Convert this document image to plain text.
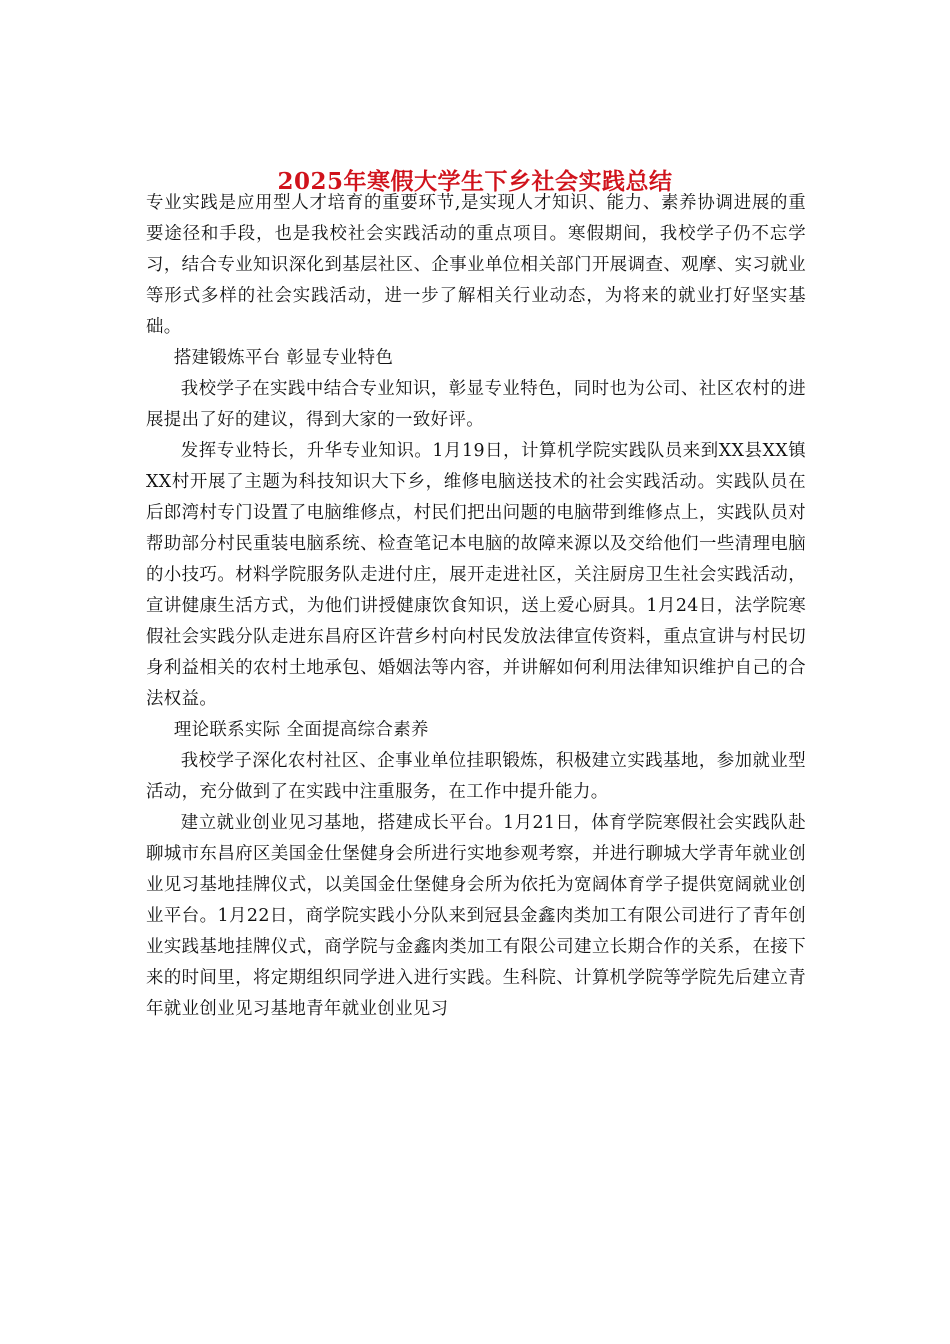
2025年寒假大学生下乡社会实践总结

专业实践是应用型人才培育的重要环节,是实现人才知识、能力、素养协调进展的重要途径和手段，也是我校社会实践活动的重点项目。寒假期间，我校学子仍不忘学习，结合专业知识深化到基层社区、企事业单位相关部门开展调查、观摩、实习就业等形式多样的社会实践活动，进一步了解相关行业动态，为将来的就业打好坚实基础。

搭建锻炼平台 彰显专业特色

我校学子在实践中结合专业知识，彰显专业特色，同时也为公司、社区农村的进展提出了好的建议，得到大家的一致好评。

发挥专业特长，升华专业知识。1月19日，计算机学院实践队员来到XX县XX镇XX村开展了主题为科技知识大下乡，维修电脑送技术的社会实践活动。实践队员在后郎湾村专门设置了电脑维修点，村民们把出问题的电脑带到维修点上，实践队员对帮助部分村民重装电脑系统、检查笔记本电脑的故障来源以及交给他们一些清理电脑的小技巧。材料学院服务队走进付庄，展开走进社区，关注厨房卫生社会实践活动，宣讲健康生活方式，为他们讲授健康饮食知识，送上爱心厨具。1月24日，法学院寒假社会实践分队走进东昌府区许营乡村向村民发放法律宣传资料，重点宣讲与村民切身利益相关的农村土地承包、婚姻法等内容，并讲解如何利用法律知识维护自己的合法权益。

理论联系实际 全面提高综合素养

我校学子深化农村社区、企事业单位挂职锻炼，积极建立实践基地，参加就业型活动，充分做到了在实践中注重服务，在工作中提升能力。

建立就业创业见习基地，搭建成长平台。1月21日，体育学院寒假社会实践队赴聊城市东昌府区美国金仕堡健身会所进行实地参观考察，并进行聊城大学青年就业创业见习基地挂牌仪式，以美国金仕堡健身会所为依托为宽阔体育学子提供宽阔就业创业平台。1月22日，商学院实践小分队来到冠县金鑫肉类加工有限公司进行了青年创业实践基地挂牌仪式，商学院与金鑫肉类加工有限公司建立长期合作的关系，在接下来的时间里，将定期组织同学进入进行实践。生科院、计算机学院等学院先后建立青年就业创业见习基地青年就业创业见习
